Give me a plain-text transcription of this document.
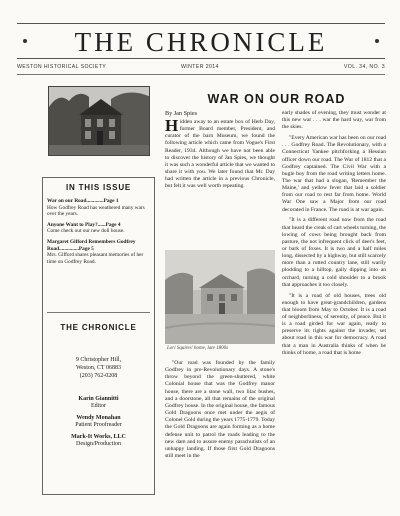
THE CHRONICLE
WESTON HISTORICAL SOCIETY	WINTER 2014	VOL. 34, NO. 3
IN THIS ISSUE
War on our Road.............Page 1
How Godfrey Road has weathered many wars over the years.
Anyone Want to Play?......Page 4
Come check out our new doll house.
Margaret Gifford Remembers Godfrey Road...............Page 5
Mrs. Gifford shares pleasant memories of her time on Godfrey Road.
THE CHRONICLE
9 Christopher Hill,
Weston, CT 06883
(203) 762-0208
Karin Giannitti
Editor
Wendy Monahan
Patient Proofreader
Mark-It Works, LLC
Design/Production
WAR ON OUR ROAD
By Jan Spies

Hidden away to an estate box of Herb Day, former Board member, President, and curator of the barn Museum, we found the following article which came from Vogue's First Reader, 1934. Although we have not been able to discover the history of Jan Spies, we thought it was such a wonderful article that we wanted to share it with you. We later found that Mr. Day had written the article in a previous Chronicle, but felt it was well worth repeating.

Lori Squires' home, late 1800s

"Our road was founded by the family Godfrey in pre-Revolutionary days. A stone's throw beyond the green-shuttered, white Colonial house that was the Godfrey manor house, there are a stone wall, two lilac bushes, and a doorstone, all that remains of the original Godfrey house. In the original house, the famous Gold Dragoons once met under the aegis of Colonel Gold during the years 1775-1779. Today the Gold Dragoons are again forming as a home defense unit to patrol the roads leading to the new dam and to assure enemy parachutists of an unhappy landing. If those first Gold Dragoons still meet in the

early shades of evening, they must wonder at this new war . . . war the hard way, war from the skies.

"Every American war has been on our road . . . Godfrey Road. The Revolutionary, with a Connecticut Yankee pitchforking a Hessian officer down our road. The War of 1812 that a Godfrey captained. The Civil War with a bugle boy from the road writing letters home. The war that had a slogan, 'Remember the Maine,' and yellow fever that laid a soldier from our road to rest far from home. World War One saw a Major from our road decorated in France. The road is at war again.

"It is a different road now from the road that heard the creak of cart wheels turning, the lowing of cows being brought back from pasture, the not infrequent click of deer's feet, or bark of foxes. It is two and a half miles long, dissected by a highway, but still scarcely more than a rutted country lane, still warily plodding to a hilltop, gaily dipping into an orchard, turning a cold shoulder to a brook that approaches it too closely.

"It is a road of old houses, trees old enough to have great-grandchildren, gardens that bloom from May to October. It is a road of neighborliness, of serenity, of peace. But it is a road girded for war again, ready to preserve its rights against the invader, set about road in this war for democracy. A road that a man in Australia thinks of when he thinks of home, a road that is home
